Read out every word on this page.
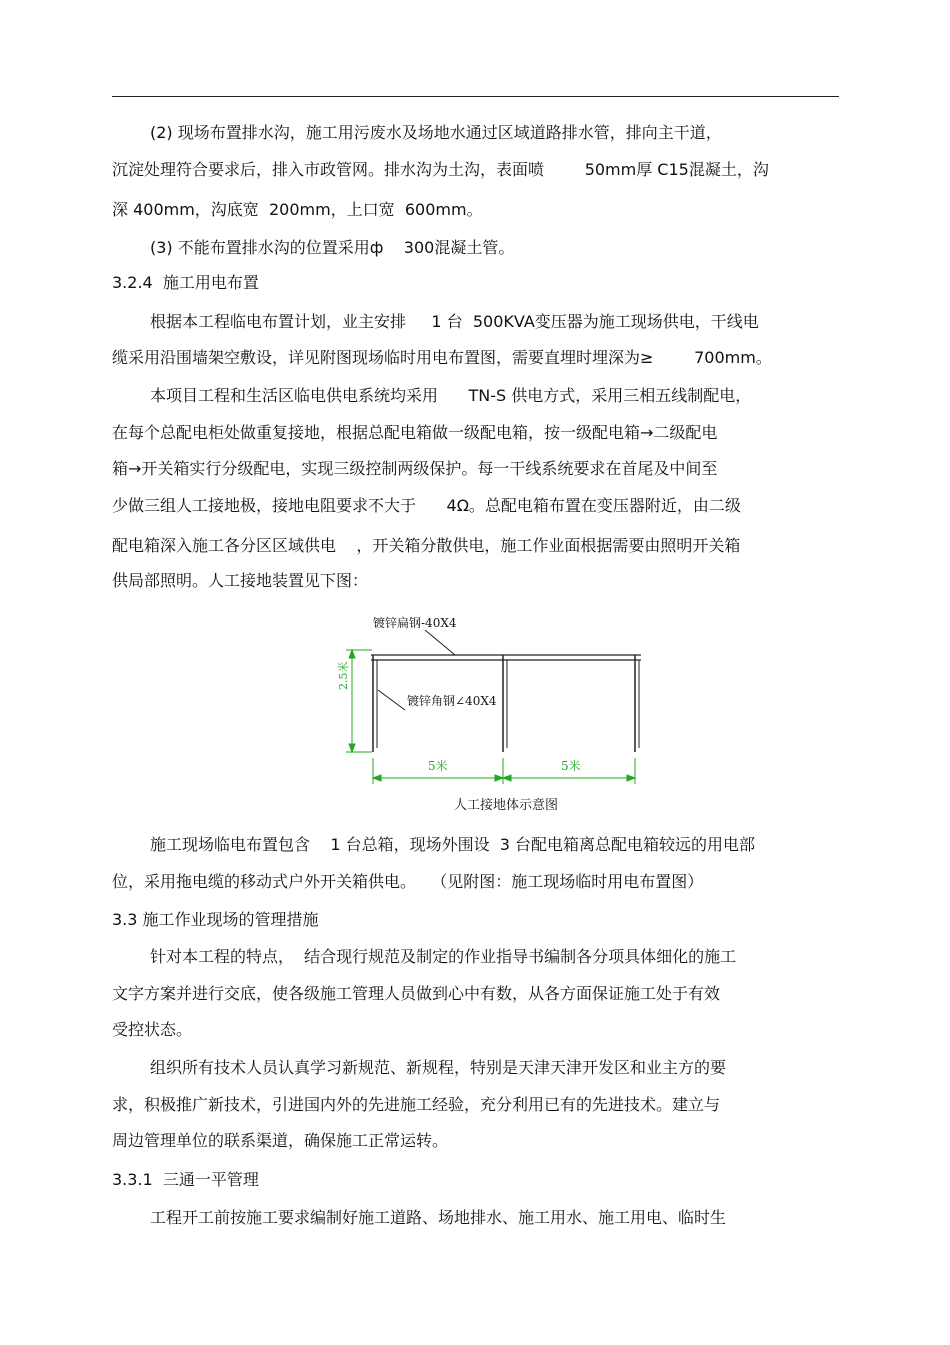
(2) 现场布置排水沟，施工用污废水及场地水通过区域道路排水管，排向主干道，
沉淀处理符合要求后，排入市政管网。排水沟为土沟，表面喷        50mm厚 C15混凝土，沟
深 400mm，沟底宽  200mm，上口宽  600mm。
(3) 不能布置排水沟的位置采用ф    300混凝土管。
3.2.4  施工用电布置
根据本工程临电布置计划，业主安排     1 台  500KVA变压器为施工现场供电，干线电
缆采用沿围墙架空敷设，详见附图现场临时用电布置图，需要直埋时埋深为≥        700mm。
本项目工程和生活区临电供电系统均采用      TN-S 供电方式，采用三相五线制配电，
在每个总配电柜处做重复接地，根据总配电箱做一级配电箱，按一级配电箱→二级配电
箱→开关箱实行分级配电，实现三级控制两级保护。每一干线系统要求在首尾及中间至
少做三组人工接地极，接地电阻要求不大于      4Ω。总配电箱布置在变压器附近，由二级
配电箱深入施工各分区区域供电    ，开关箱分散供电，施工作业面根据需要由照明开关箱
供局部照明。人工接地装置见下图：
镀锌扁钢-40X4
镀锌角钢∠40X4
2.5米
5米	5米
人工接地体示意图
施工现场临电布置包含    1 台总箱，现场外围设  3 台配电箱离总配电箱较远的用电部
位，采用拖电缆的移动式户外开关箱供电。   （见附图：施工现场临时用电布置图）
3.3 施工作业现场的管理措施
针对本工程的特点，  结合现行规范及制定的作业指导书编制各分项具体细化的施工
文字方案并进行交底，使各级施工管理人员做到心中有数，从各方面保证施工处于有效
受控状态。
组织所有技术人员认真学习新规范、新规程，特别是天津天津开发区和业主方的要
求，积极推广新技术，引进国内外的先进施工经验，充分利用已有的先进技术。建立与
周边管理单位的联系渠道，确保施工正常运转。
3.3.1  三通一平管理
工程开工前按施工要求编制好施工道路、场地排水、施工用水、施工用电、临时生
